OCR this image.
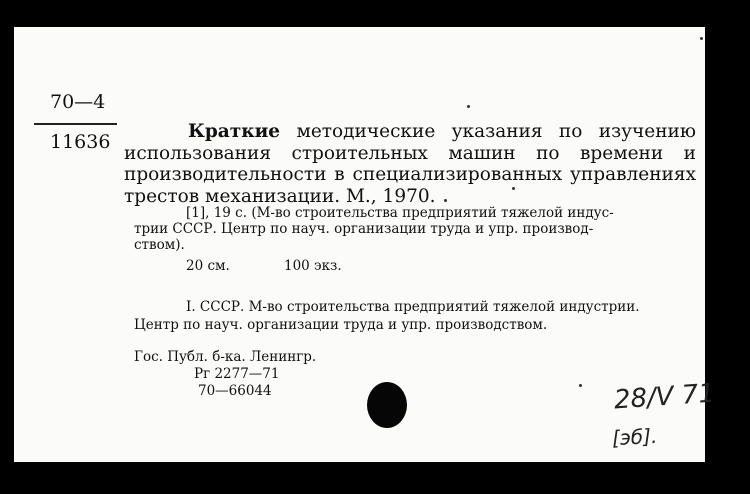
70—4
11636	Краткие методические указания по изучению использования строительных машин по времени и производительности в специализированных управлениях трестов механизации. М., 1970.
[1], 19 с. (М-во строительства предприятий тяжелой индус-
трии СССР. Центр по науч. организации труда и упр. производ-
ством).
20 см.	100 экз.
I. СССР. М-во строительства предприятий тяжелой индустрии.
Центр по науч. организации труда и упр. производством.
Гос. Публ. б-ка. Ленингр.
Рг 2277—71
70—66044	28/V 71
[эб].
